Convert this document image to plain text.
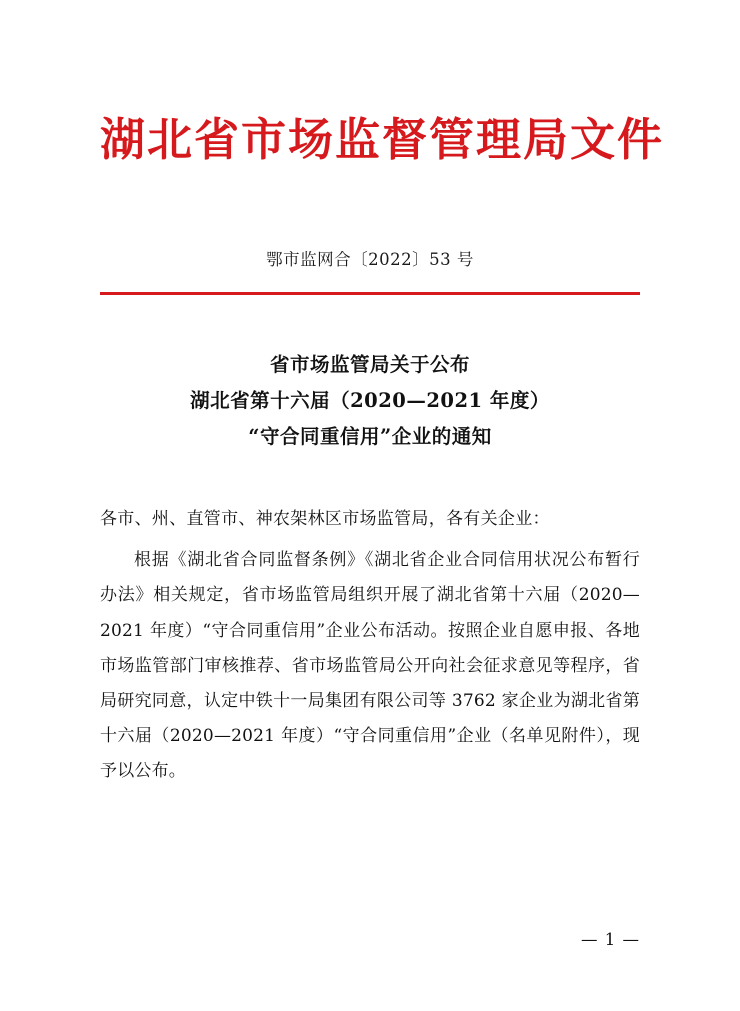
湖北省市场监督管理局文件
鄂市监网合〔2022〕53 号
省市场监管局关于公布
湖北省第十六届（2020—2021 年度）
“守合同重信用”企业的通知
各市、州、直管市、神农架林区市场监管局，各有关企业：
根据《湖北省合同监督条例》《湖北省企业合同信用状况公布暂行办法》相关规定，省市场监管局组织开展了湖北省第十六届（2020—2021 年度）“守合同重信用”企业公布活动。按照企业自愿申报、各地市场监管部门审核推荐、省市场监管局公开向社会征求意见等程序，省局研究同意，认定中铁十一局集团有限公司等 3762 家企业为湖北省第十六届（2020—2021 年度）“守合同重信用”企业（名单见附件），现予以公布。
— 1 —
